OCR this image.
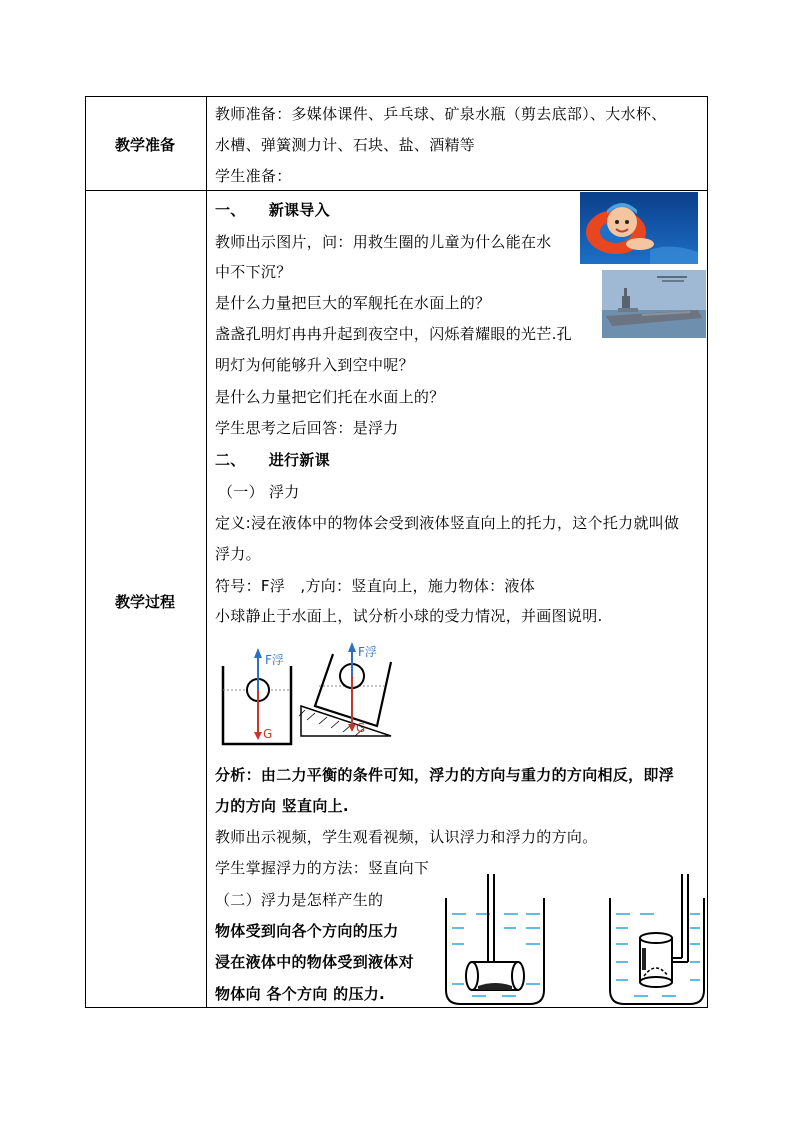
教学准备
教师准备：多媒体课件、乒乓球、矿泉水瓶（剪去底部）、大水杯、
水槽、弹簧测力计、石块、盐、酒精等
学生准备：
教学过程
一、　　新课导入
教师出示图片，问：用救生圈的儿童为什么能在水
中不下沉？
是什么力量把巨大的军舰托在水面上的？
盏盏孔明灯冉冉升起到夜空中，闪烁着耀眼的光芒.孔
明灯为何能够升入到空中呢？
是什么力量把它们托在水面上的？
学生思考之后回答：是浮力
二、　　进行新课
（一） 浮力
定义:浸在液体中的物体会受到液体竖直向上的托力，这个托力就叫做
浮力。
符号：F浮　,方向：竖直向上，施力物体：液体
小球静止于水面上，试分析小球的受力情况，并画图说明.
F浮
G
F浮
G
分析：由二力平衡的条件可知，浮力的方向与重力的方向相反，即浮
力的方向 竖直向上.
教师出示视频，学生观看视频，认识浮力和浮力的方向。
学生掌握浮力的方法：竖直向下
（二）浮力是怎样产生的
物体受到向各个方向的压力
浸在液体中的物体受到液体对
物体向 各个方向 的压力.
